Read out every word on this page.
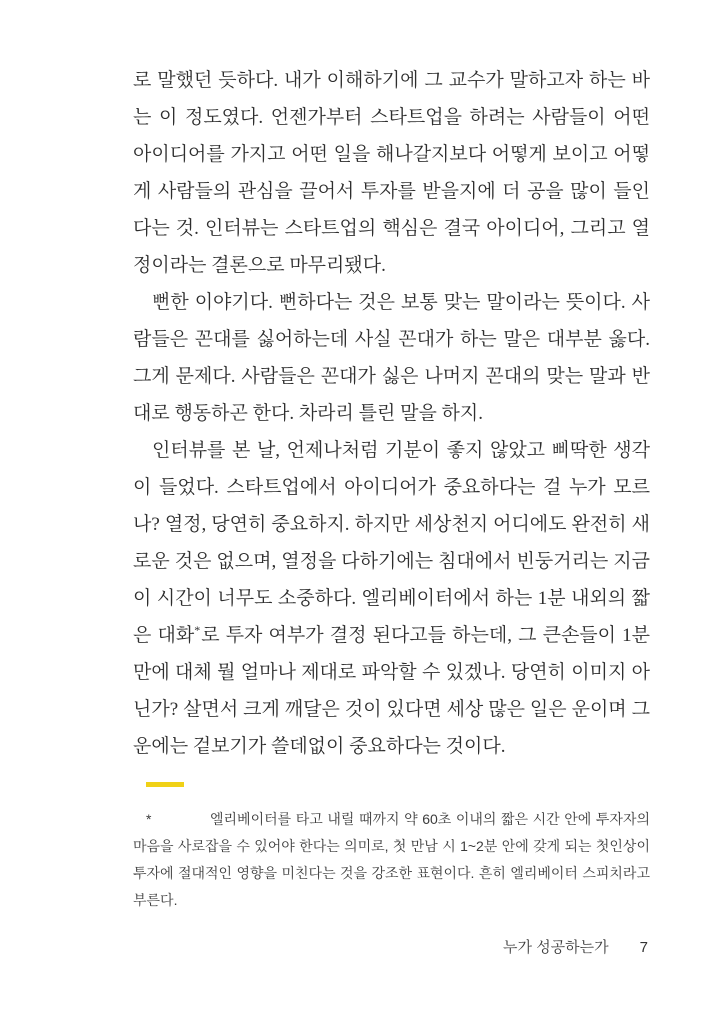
로 말했던 듯하다. 내가 이해하기에 그 교수가 말하고자 하는 바는 이 정도였다. 언젠가부터 스타트업을 하려는 사람들이 어떤 아이디어를 가지고 어떤 일을 해나갈지보다 어떻게 보이고 어떻게 사람들의 관심을 끌어서 투자를 받을지에 더 공을 많이 들인다는 것. 인터뷰는 스타트업의 핵심은 결국 아이디어, 그리고 열정이라는 결론으로 마무리됐다.

뻔한 이야기다. 뻔하다는 것은 보통 맞는 말이라는 뜻이다. 사람들은 꼰대를 싫어하는데 사실 꼰대가 하는 말은 대부분 옳다. 그게 문제다. 사람들은 꼰대가 싫은 나머지 꼰대의 맞는 말과 반대로 행동하곤 한다. 차라리 틀린 말을 하지.

인터뷰를 본 날, 언제나처럼 기분이 좋지 않았고 삐딱한 생각이 들었다. 스타트업에서 아이디어가 중요하다는 걸 누가 모르나? 열정, 당연히 중요하지. 하지만 세상천지 어디에도 완전히 새로운 것은 없으며, 열정을 다하기에는 침대에서 빈둥거리는 지금 이 시간이 너무도 소중하다. 엘리베이터에서 하는 1분 내외의 짧은 대화*로 투자 여부가 결정 된다고들 하는데, 그 큰손들이 1분 만에 대체 뭘 얼마나 제대로 파악할 수 있겠나. 당연히 이미지 아닌가? 살면서 크게 깨달은 것이 있다면 세상 많은 일은 운이며 그 운에는 겉보기가 쓸데없이 중요하다는 것이다.

*	엘리베이터를 타고 내릴 때까지 약 60초 이내의 짧은 시간 안에 투자자의 마음을 사로잡을 수 있어야 한다는 의미로, 첫 만남 시 1~2분 안에 갖게 되는 첫인상이 투자에 절대적인 영향을 미친다는 것을 강조한 표현이다. 흔히 엘리베이터 스피치라고 부른다.

누가 성공하는가 7
